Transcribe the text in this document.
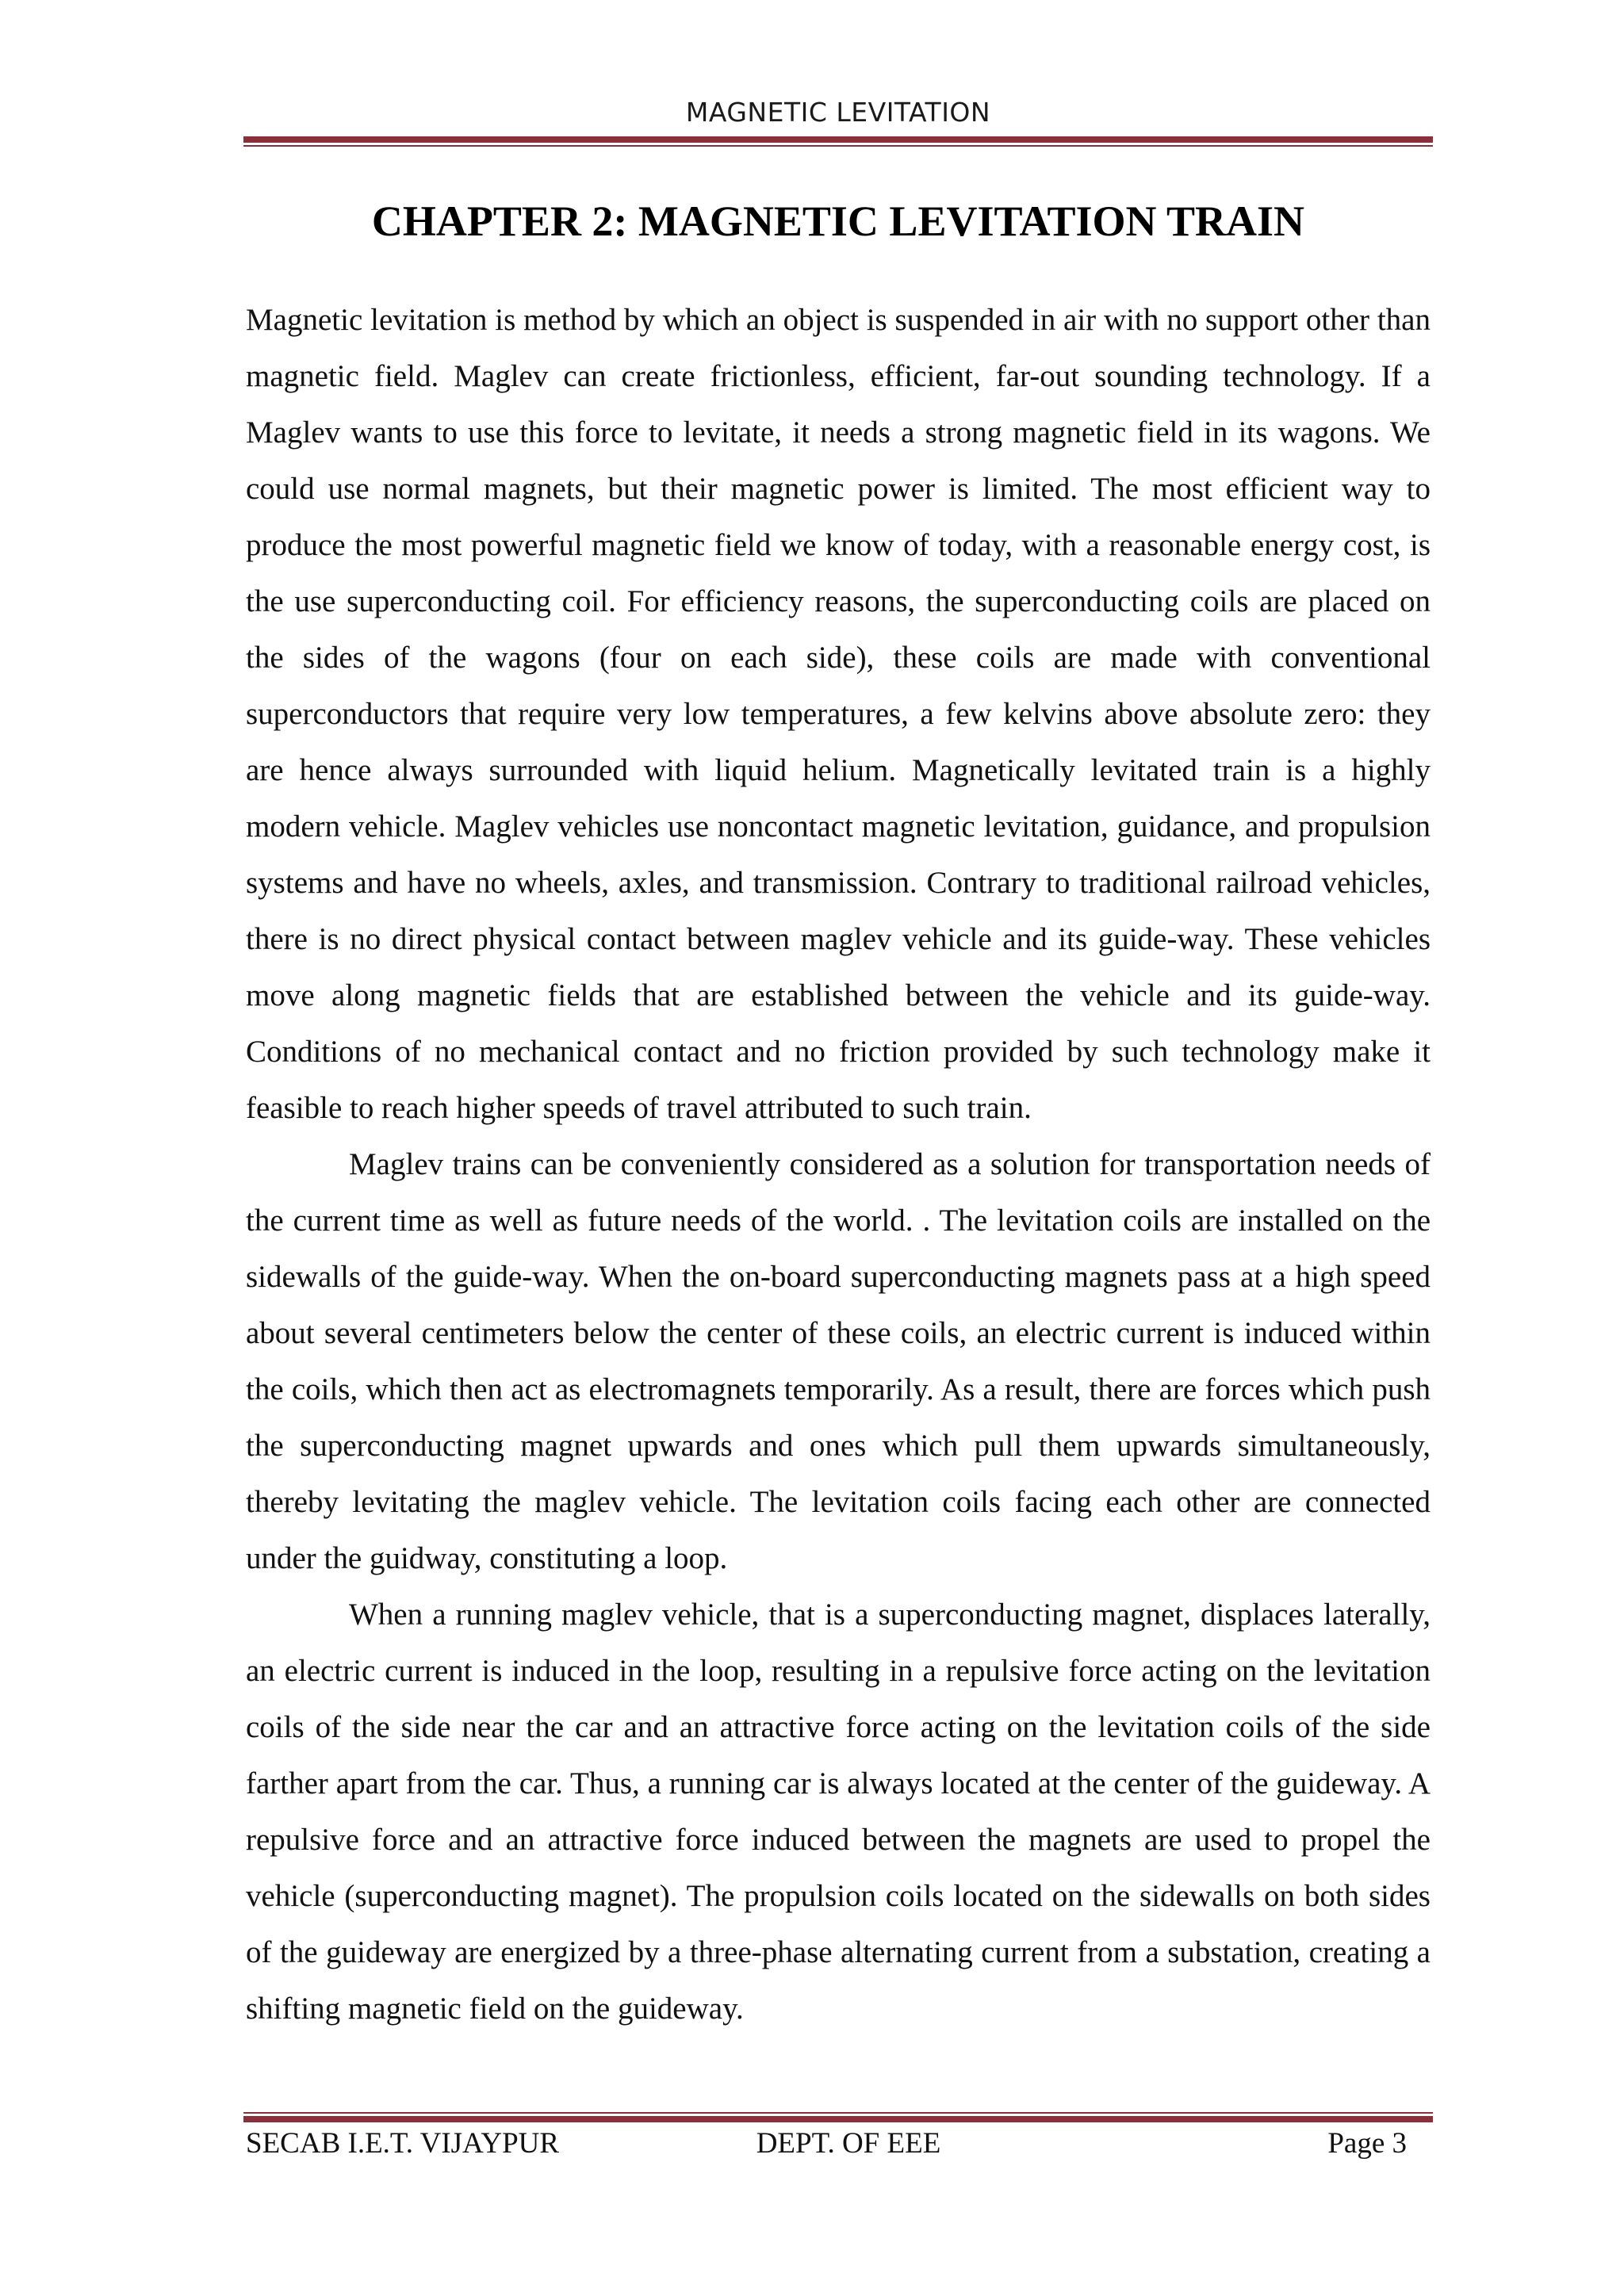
MAGNETIC LEVITATION
CHAPTER 2: MAGNETIC LEVITATION TRAIN

Magnetic levitation is method by which an object is suspended in air with no support other than magnetic field. Maglev can create frictionless, efficient, far-out sounding technology. If a Maglev wants to use this force to levitate, it needs a strong magnetic field in its wagons. We could use normal magnets, but their magnetic power is limited. The most efficient way to produce the most powerful magnetic field we know of today, with a reasonable energy cost, is the use superconducting coil. For efficiency reasons, the superconducting coils are placed on the sides of the wagons (four on each side), these coils are made with conventional superconductors that require very low temperatures, a few kelvins above absolute zero: they are hence always surrounded with liquid helium. Magnetically levitated train is a highly modern vehicle. Maglev vehicles use noncontact magnetic levitation, guidance, and propulsion systems and have no wheels, axles, and transmission. Contrary to traditional railroad vehicles, there is no direct physical contact between maglev vehicle and its guide-way. These vehicles move along magnetic fields that are established between the vehicle and its guide-way. Conditions of no mechanical contact and no friction provided by such technology make it feasible to reach higher speeds of travel attributed to such train.

Maglev trains can be conveniently considered as a solution for transportation needs of the current time as well as future needs of the world. . The levitation coils are installed on the sidewalls of the guide-way. When the on-board superconducting magnets pass at a high speed about several centimeters below the center of these coils, an electric current is induced within the coils, which then act as electromagnets temporarily. As a result, there are forces which push the superconducting magnet upwards and ones which pull them upwards simultaneously, thereby levitating the maglev vehicle. The levitation coils facing each other are connected under the guidway, constituting a loop.

When a running maglev vehicle, that is a superconducting magnet, displaces laterally, an electric current is induced in the loop, resulting in a repulsive force acting on the levitation coils of the side near the car and an attractive force acting on the levitation coils of the side farther apart from the car. Thus, a running car is always located at the center of the guideway. A repulsive force and an attractive force induced between the magnets are used to propel the vehicle (superconducting magnet). The propulsion coils located on the sidewalls on both sides of the guideway are energized by a three-phase alternating current from a substation, creating a shifting magnetic field on the guideway.

SECAB I.E.T. VIJAYPUR	DEPT. OF EEE	Page 3
